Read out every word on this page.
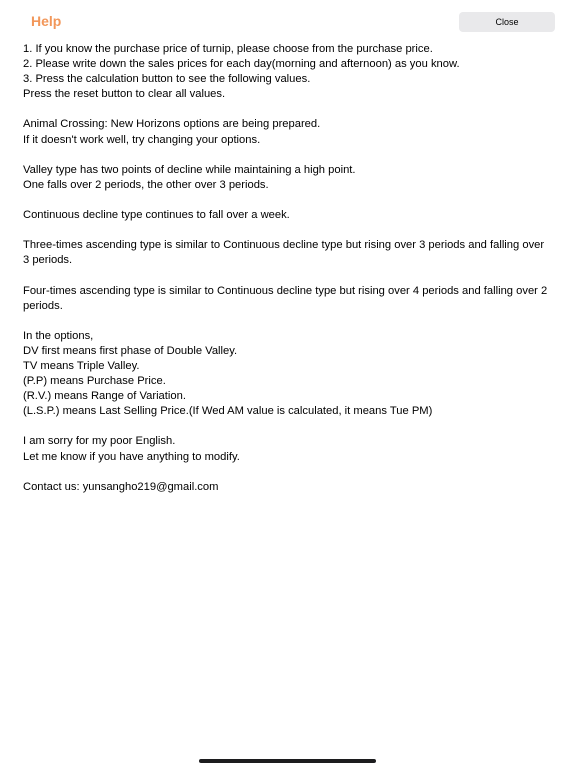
Help	Close

1. If you know the purchase price of turnip, please choose from the purchase price.

2. Please write down the sales prices for each day(morning and afternoon) as you know.

3. Press the calculation button to see the following values.

Press the reset button to clear all values.

Animal Crossing: New Horizons options are being prepared.

If it doesn't work well, try changing your options.

Valley type has two points of decline while maintaining a high point.

One falls over 2 periods, the other over 3 periods.

Continuous decline type continues to fall over a week.

Three-times ascending type is similar to Continuous decline type but rising over 3 periods and falling over 3 periods.

Four-times ascending type is similar to Continuous decline type but rising over 4 periods and falling over 2 periods.

In the options,

DV first means first phase of Double Valley.

TV means Triple Valley.

(P.P) means Purchase Price.

(R.V.) means Range of Variation.

(L.S.P.) means Last Selling Price.(If Wed AM value is calculated, it means Tue PM)

I am sorry for my poor English.

Let me know if you have anything to modify.

Contact us: yunsangho219@gmail.com
